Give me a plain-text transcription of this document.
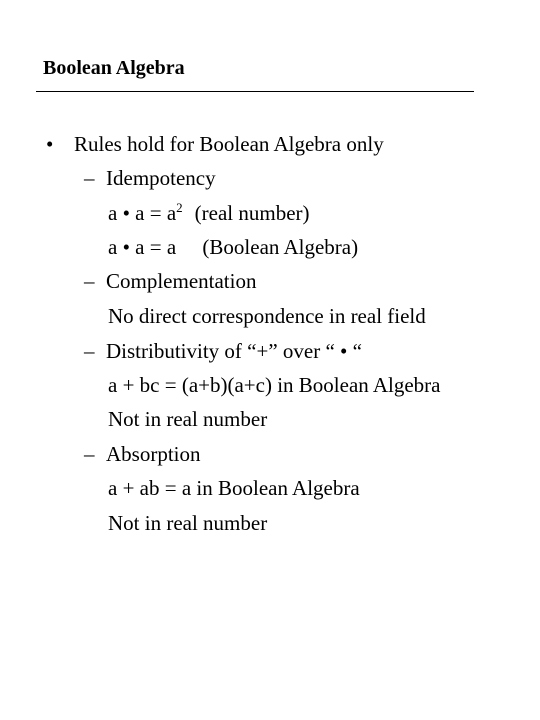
Boolean Algebra
• Rules hold for Boolean Algebra only
– Idempotency
a • $a = a^2$ (real number)
a • a = a     (Boolean Algebra)
– Complementation
No direct correspondence in real field
– Distributivity of “+” over “ • “
a + bc = (a+b)(a+c) in Boolean Algebra
Not in real number
– Absorption
a + ab = a in Boolean Algebra
Not in real number
